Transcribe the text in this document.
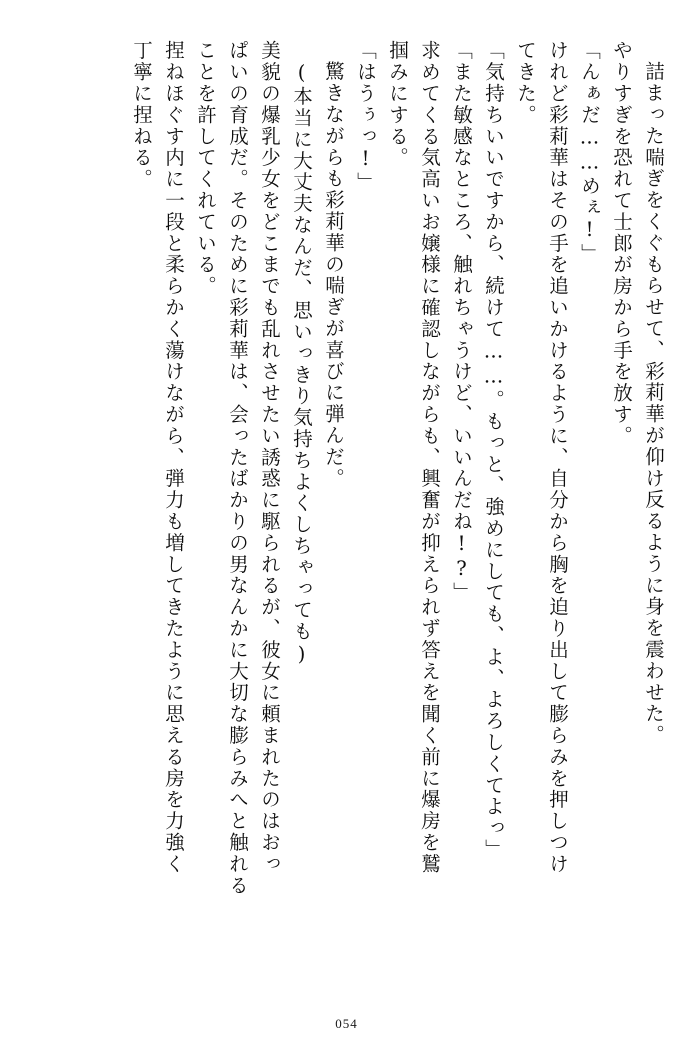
詰まった喘ぎをくぐもらせて、彩莉華が仰け反るように身を震わせた。
やりすぎを恐れて士郎が房から手を放す。
「んぁだ……めぇ!」
けれど彩莉華はその手を追いかけるように、自分から胸を迫り出して膨らみを押しつけ
てきた。
「気持ちいいですから、続けて……。もっと、強めにしても、よ、よろしくてよっ」
「また敏感なところ、触れちゃうけど、いいんだね!?」
求めてくる気高いお嬢様に確認しながらも、興奮が抑えられず答えを聞く前に爆房を鷲
掴みにする。
「はうぅっ!」
驚きながらも彩莉華の喘ぎが喜びに弾んだ。
(本当に大丈夫なんだ、思いっきり気持ちよくしちゃっても)
美貌の爆乳少女をどこまでも乱れさせたい誘惑に駆られるが、彼女に頼まれたのはおっ
ぱいの育成だ。そのために彩莉華は、会ったばかりの男なんかに大切な膨らみへと触れる
ことを許してくれている。
捏ねほぐす内に一段と柔らかく蕩けながら、弾力も増してきたように思える房を力強く
丁寧に捏ねる。
054
